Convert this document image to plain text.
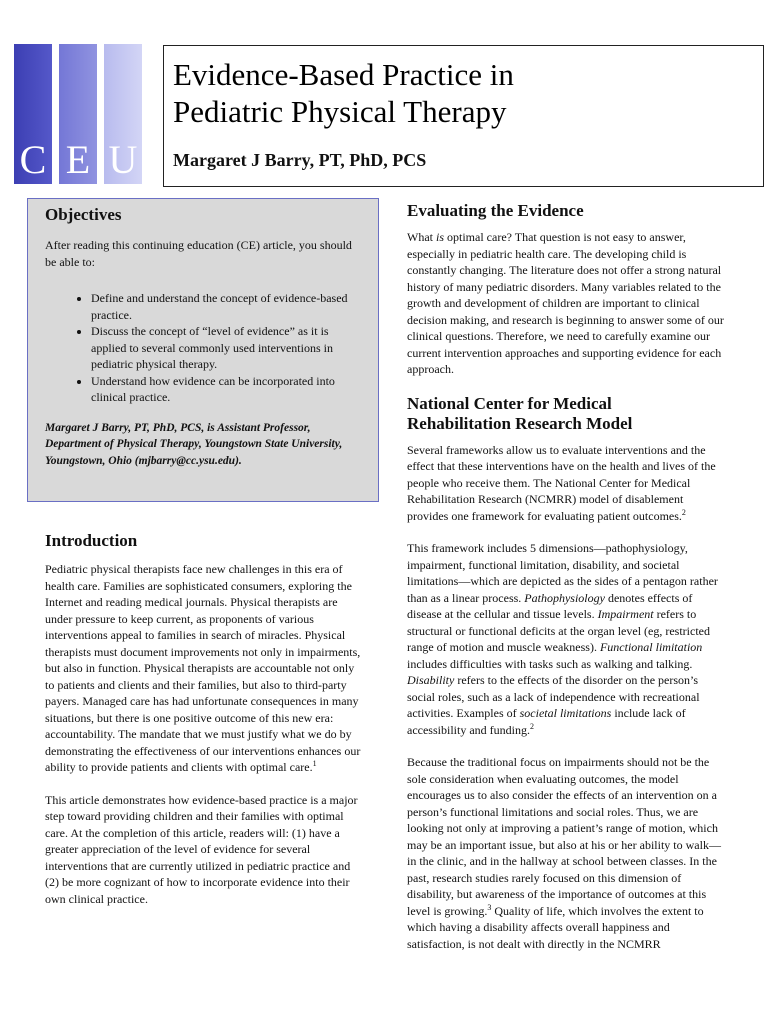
C E U
Evidence-Based Practice in
Pediatric Physical Therapy
Margaret J Barry, PT, PhD, PCS
Objectives

After reading this continuing education (CE) article, you should be able to:

• Define and understand the concept of evidence-based practice.
• Discuss the concept of “level of evidence” as it is applied to several commonly used interventions in pediatric physical therapy.
• Understand how evidence can be incorporated into clinical practice.

Margaret J Barry, PT, PhD, PCS, is Assistant Professor, Department of Physical Therapy, Youngstown State University, Youngstown, Ohio (mjbarry@cc.ysu.edu).

Introduction

Pediatric physical therapists face new challenges in this era of health care. Families are sophisticated consumers, exploring the Internet and reading medical journals. Physical therapists are under pressure to keep current, as proponents of various interventions appeal to families in search of miracles. Physical therapists must document improvements not only in impairments, but also in function. Physical therapists are accountable not only to patients and clients and their families, but also to third-party payers. Managed care has had unfortunate consequences in many situations, but there is one positive outcome of this new era: accountability. The mandate that we must justify what we do by demonstrating the effectiveness of our interventions enhances our ability to provide patients and clients with optimal care.$^1$

This article demonstrates how evidence-based practice is a major step toward providing children and their families with optimal care. At the completion of this article, readers will: (1) have a greater appreciation of the level of evidence for several interventions that are currently utilized in pediatric practice and (2) be more cognizant of how to incorporate evidence into their own clinical practice.

Evaluating the Evidence

What is optimal care? That question is not easy to answer, especially in pediatric health care. The developing child is constantly changing. The literature does not offer a strong natural history of many pediatric disorders. Many variables related to the growth and development of children are important to clinical decision making, and research is beginning to answer some of our clinical questions. Therefore, we need to carefully examine our current intervention approaches and supporting evidence for each approach.

National Center for Medical
Rehabilitation Research Model

Several frameworks allow us to evaluate interventions and the effect that these interventions have on the health and lives of the people who receive them. The National Center for Medical Rehabilitation Research (NCMRR) model of disablement provides one framework for evaluating patient outcomes.$^2$

This framework includes 5 dimensions—pathophysiology, impairment, functional limitation, disability, and societal limitations—which are depicted as the sides of a pentagon rather than as a linear process. Pathophysiology denotes effects of disease at the cellular and tissue levels. Impairment refers to structural or functional deficits at the organ level (eg, restricted range of motion and muscle weakness). Functional limitation includes difficulties with tasks such as walking and talking. Disability refers to the effects of the disorder on the person’s social roles, such as a lack of independence with recreational activities. Examples of societal limitations include lack of accessibility and funding.$^2$

Because the traditional focus on impairments should not be the sole consideration when evaluating outcomes, the model encourages us to also consider the effects of an intervention on a person’s functional limitations and social roles. Thus, we are looking not only at improving a patient’s range of motion, which may be an important issue, but also at his or her ability to walk—in the clinic, and in the hallway at school between classes. In the past, research studies rarely focused on this dimension of disability, but awareness of the importance of outcomes at this level is growing.$^3$ Quality of life, which involves the extent to which having a disability affects overall happiness and satisfaction, is not dealt with directly in the NCMRR
